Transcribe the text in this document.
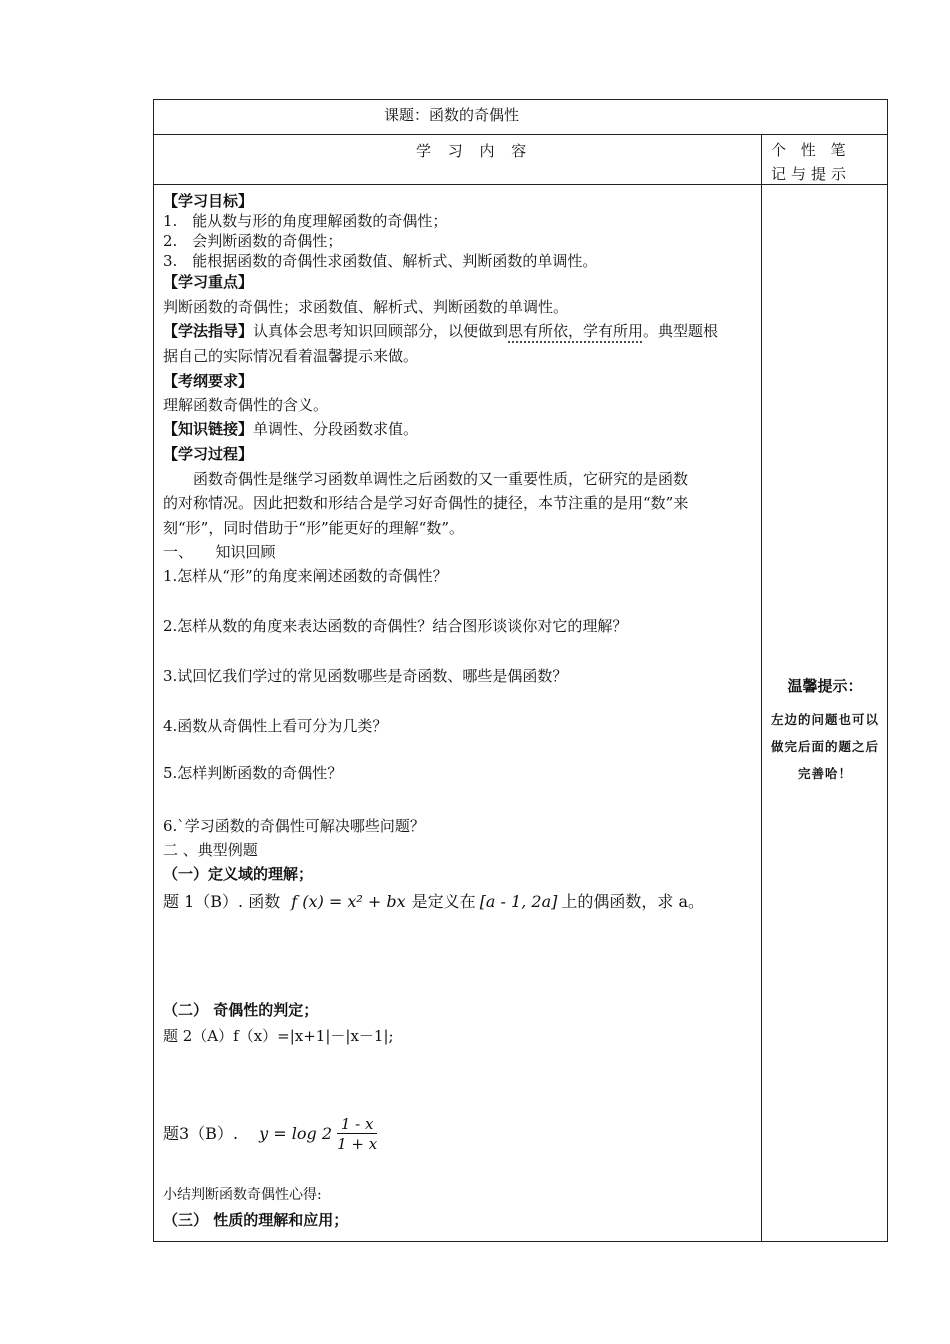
课题：函数的奇偶性
学 习 内 容	个 性 笔 记与提示
【学习目标】
1.　能从数与形的角度理解函数的奇偶性；
2.　会判断函数的奇偶性；
3.　能根据函数的奇偶性求函数值、解析式、判断函数的单调性。
【学习重点】
判断函数的奇偶性；求函数值、解析式、判断函数的单调性。
【学法指导】认真体会思考知识回顾部分，以便做到思有所依，学有所用。典型题根
据自己的实际情况看着温馨提示来做。
【考纲要求】
理解函数奇偶性的含义。
【知识链接】单调性、分段函数求值。
【学习过程】
　　函数奇偶性是继学习函数单调性之后函数的又一重要性质，它研究的是函数
的对称情况。因此把数和形结合是学习好奇偶性的捷径，本节注重的是用“数”来
刻“形”，同时借助于“形”能更好的理解“数”。
一、　　知识回顾
1.怎样从“形”的角度来阐述函数的奇偶性？
2.怎样从数的角度来表达函数的奇偶性？结合图形谈谈你对它的理解？
3.试回忆我们学过的常见函数哪些是奇函数、哪些是偶函数？
4.函数从奇偶性上看可分为几类？
5.怎样判断函数的奇偶性？
6.`学习函数的奇偶性可解决哪些问题？
二 、典型例题
（一）定义域的理解；
题 1（B）. 函数 f (x) = x² + bx 是定义在 [a - 1, 2a] 上的偶函数，求 a。
（二） 奇偶性的判定；
题 2（A）f（x）=|x+1|－|x－1|;
题3（B）. $y = \log 2 \frac{1 - x}{1 + x}$
小结判断函数奇偶性心得:
（三） 性质的理解和应用；
温馨提示：
左边的问题也可以做完后面的题之后完善哈！
